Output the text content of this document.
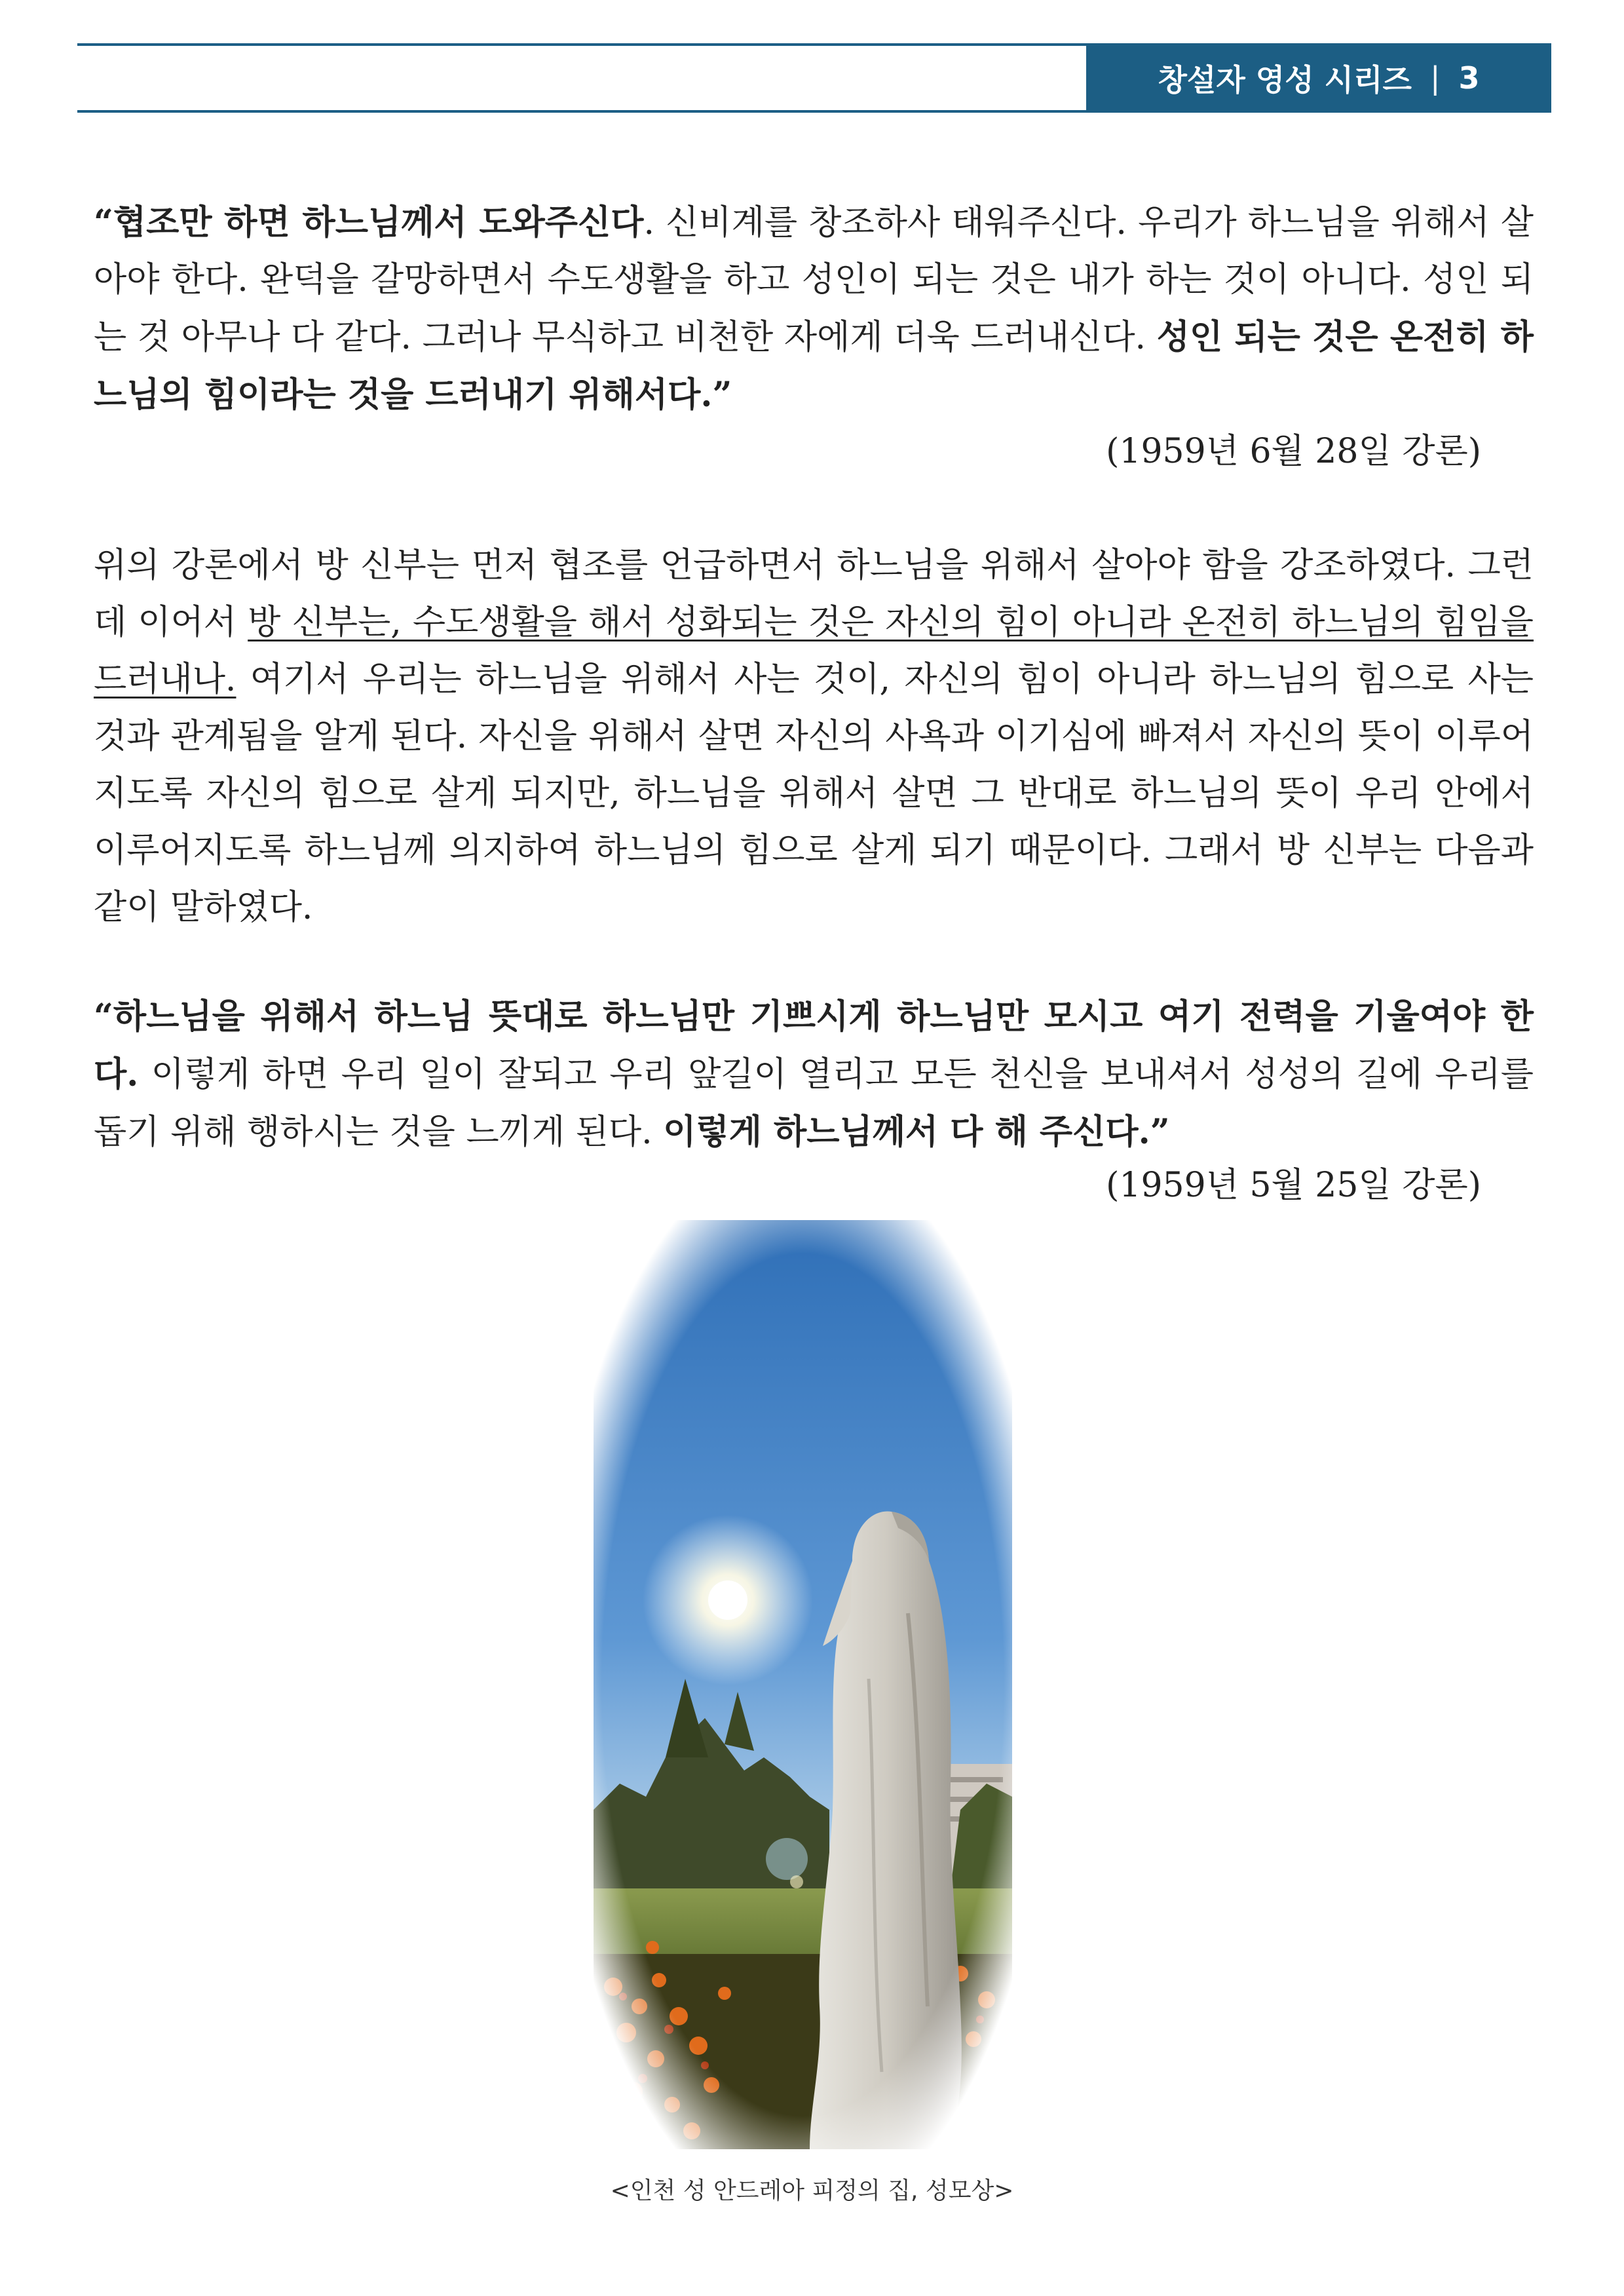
창설자 영성 시리즈 | 3
“협조만 하면 하느님께서 도와주신다. 신비계를 창조하사 태워주신다. 우리가 하느님을 위해서 살아야 한다. 완덕을 갈망하면서 수도생활을 하고 성인이 되는 것은 내가 하는 것이 아니다. 성인 되는 것 아무나 다 같다. 그러나 무식하고 비천한 자에게 더욱 드러내신다. 성인 되는 것은 온전히 하느님의 힘이라는 것을 드러내기 위해서다.”
(1959년 6월 28일 강론)
위의 강론에서 방 신부는 먼저 협조를 언급하면서 하느님을 위해서 살아야 함을 강조하였다. 그런데 이어서 방 신부는, 수도생활을 해서 성화되는 것은 자신의 힘이 아니라 온전히 하느님의 힘임을 드러내나. 여기서 우리는 하느님을 위해서 사는 것이, 자신의 힘이 아니라 하느님의 힘으로 사는 것과 관계됨을 알게 된다. 자신을 위해서 살면 자신의 사욕과 이기심에 빠져서 자신의 뜻이 이루어지도록 자신의 힘으로 살게 되지만, 하느님을 위해서 살면 그 반대로 하느님의 뜻이 우리 안에서 이루어지도록 하느님께 의지하여 하느님의 힘으로 살게 되기 때문이다. 그래서 방 신부는 다음과 같이 말하였다.
“하느님을 위해서 하느님 뜻대로 하느님만 기쁘시게 하느님만 모시고 여기 전력을 기울여야 한다. 이렇게 하면 우리 일이 잘되고 우리 앞길이 열리고 모든 천신을 보내셔서 성성의 길에 우리를 돕기 위해 행하시는 것을 느끼게 된다. 이렇게 하느님께서 다 해 주신다.”
(1959년 5월 25일 강론)
<인천 성 안드레아 피정의 집, 성모상>
